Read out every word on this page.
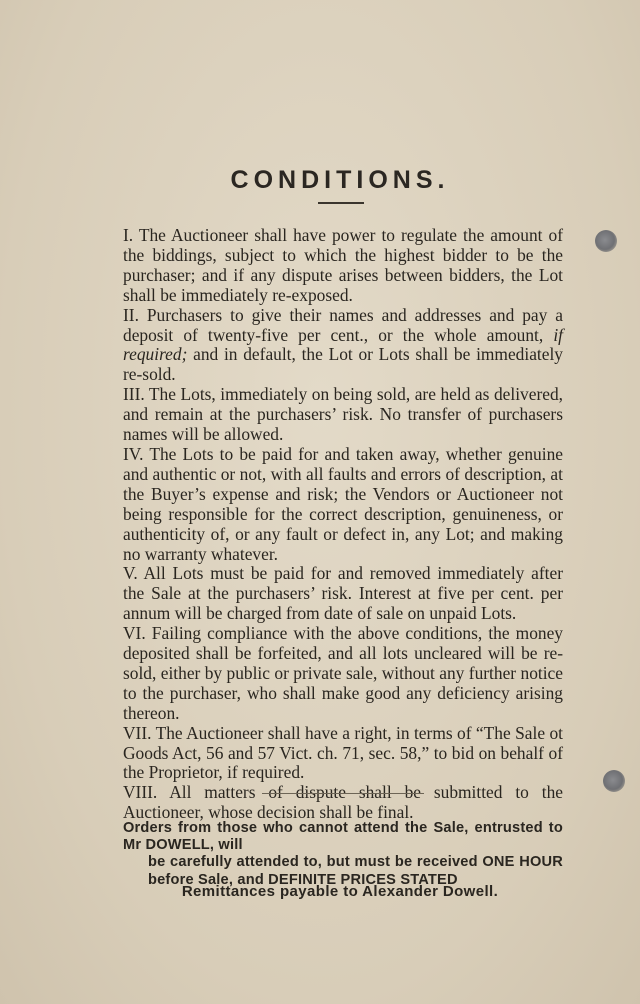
CONDITIONS.

I. The Auctioneer shall have power to regulate the amount of the biddings, subject to which the highest bidder to be the purchaser; and if any dispute arises between bidders, the Lot shall be immediately re-exposed.

II. Purchasers to give their names and addresses and pay a deposit of twenty-five per cent., or the whole amount, if required; and in default, the Lot or Lots shall be immediately re-sold.

III. The Lots, immediately on being sold, are held as delivered, and remain at the purchasers’ risk. No transfer of purchasers names will be allowed.

IV. The Lots to be paid for and taken away, whether genuine and authentic or not, with all faults and errors of description, at the Buyer’s expense and risk; the Vendors or Auctioneer not being responsible for the correct description, genuineness, or authenticity of, or any fault or defect in, any Lot; and making no warranty whatever.

V. All Lots must be paid for and removed immediately after the Sale at the purchasers’ risk. Interest at five per cent. per annum will be charged from date of sale on unpaid Lots.

VI. Failing compliance with the above conditions, the money deposited shall be forfeited, and all lots uncleared will be re-sold, either by public or private sale, without any further notice to the purchaser, who shall make good any deficiency arising thereon.

VII. The Auctioneer shall have a right, in terms of “The Sale ot Goods Act, 56 and 57 Vict. ch. 71, sec. 58,” to bid on behalf of the Proprietor, if required.

VIII. All matters of dispute shall be submitted to the Auctioneer, whose decision shall be final.

Orders from those who cannot attend the Sale, entrusted to Mr DOWELL, will
be carefully attended to, but must be received ONE HOUR before Sale, and DEFINITE PRICES STATED
Remittances payable to Alexander Dowell.
